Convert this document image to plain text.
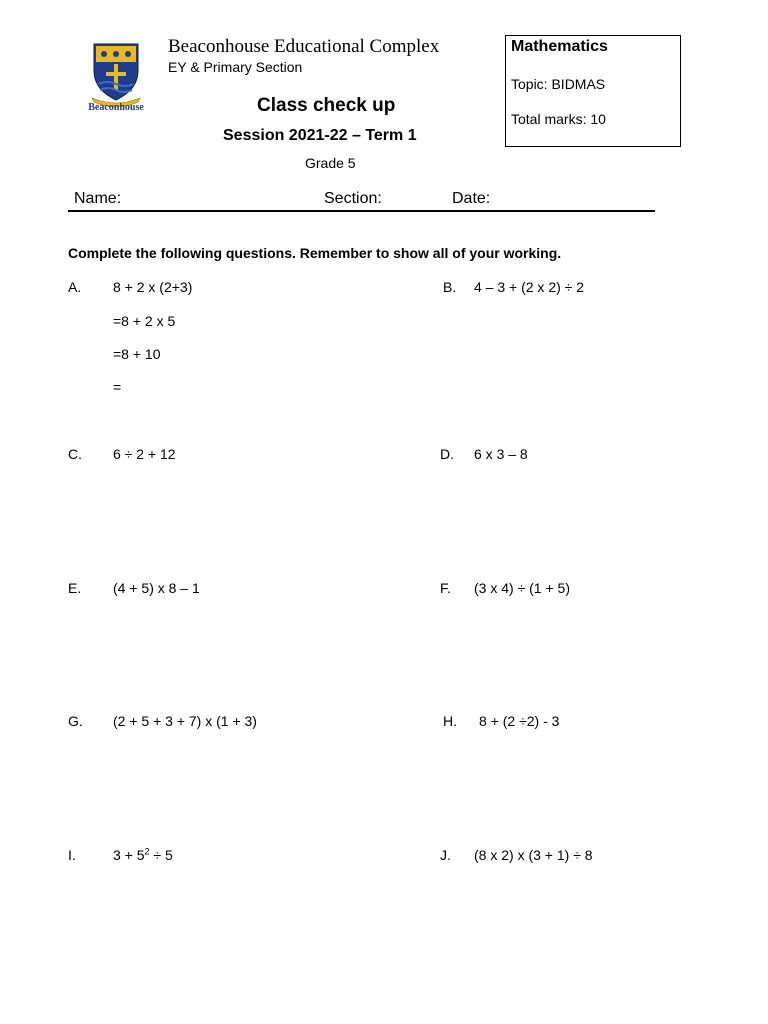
Beaconhouse
Beaconhouse Educational Complex
EY & Primary Section
Class check up
Session 2021-22 – Term 1
Grade 5
Mathematics
Topic: BIDMAS
Total marks: 10
Name:	Section:	Date:
Complete the following questions. Remember to show all of your working.
A. 8 + 2 x (2+3)
=8 + 2 x 5
=8 + 10
=
B. 4 – 3 + (2 x 2) ÷ 2
C. 6 ÷ 2 + 12	D. 6 x 3 – 8
E. (4 + 5) x 8 – 1	F. (3 x 4) ÷ (1 + 5)
G. (2 + 5 + 3 + 7) x (1 + 3)	H. 8 + (2 ÷2) - 3
I.	$3 + 5^2 \div 5$	J. (8 x 2) x (3 + 1) ÷ 8
